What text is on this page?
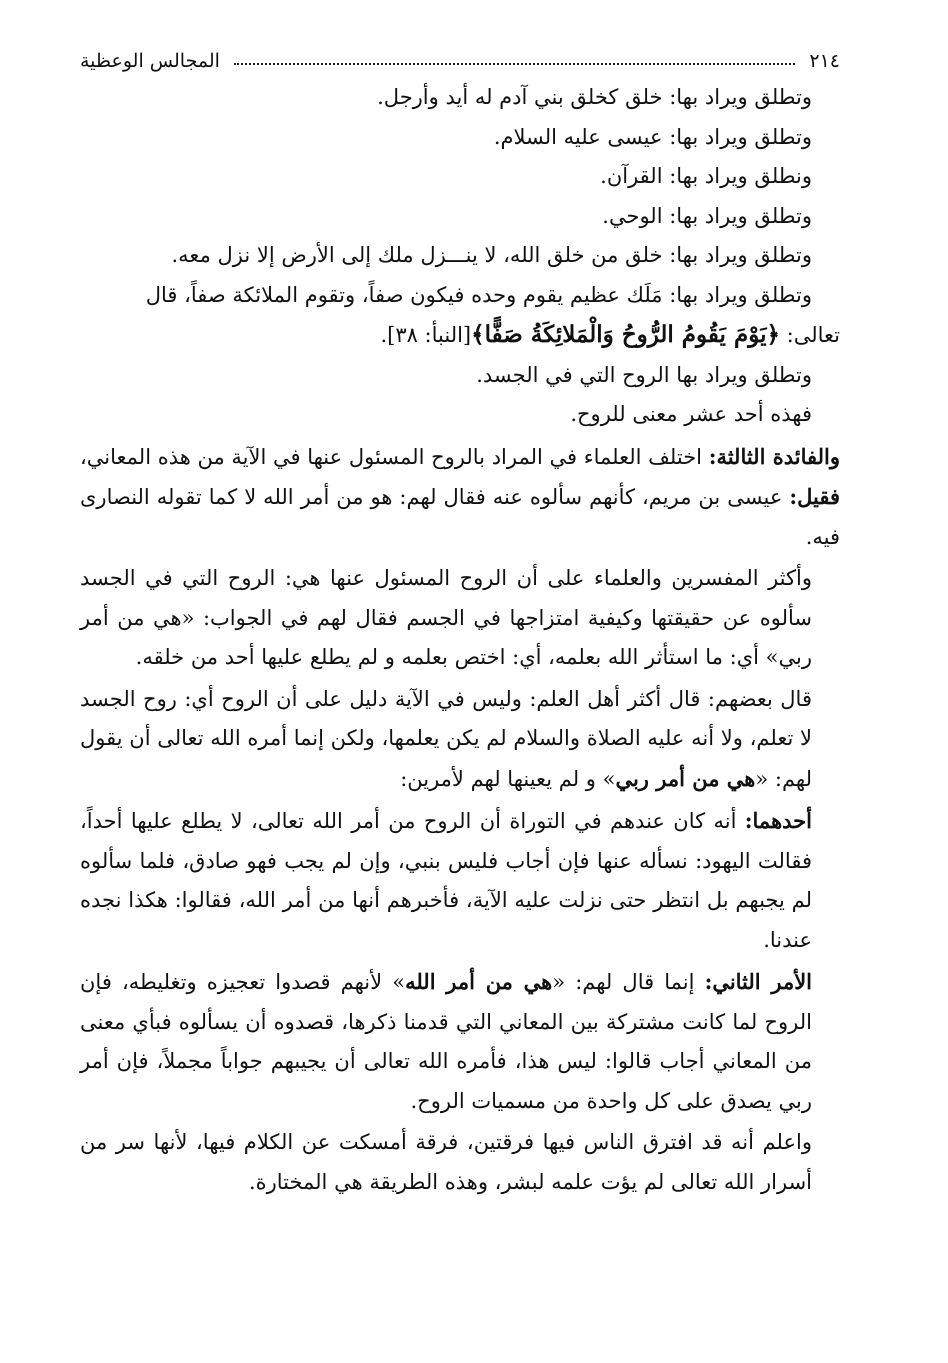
٢١٤
المجالس الوعظية

وتطلق ويراد بها: خلق كخلق بني آدم له أيد وأرجل.

وتطلق ويراد بها: عيسى عليه السلام.

ونطلق ويراد بها: القرآن.

وتطلق ويراد بها: الوحي.

وتطلق ويراد بها: خلق من خلق الله، لا ينـــزل ملك إلى الأرض إلا نزل معه.

وتطلق ويراد بها: مَلَك عظيم يقوم وحده فيكون صفاً، وتقوم الملائكة صفاً، قال
تعالى: ﴿يَوْمَ يَقُومُ الرُّوحُ وَالْمَلائِكَةُ صَفًّا﴾[النبأ: ٣٨].

وتطلق ويراد بها الروح التي في الجسد.

فهذه أحد عشر معنى للروح.

والفائدة الثالثة: اختلف العلماء في المراد بالروح المسئول عنها في الآية من هذه المعاني، فقيل: عيسى بن مريم، كأنهم سألوه عنه فقال لهم: هو من أمر الله لا كما تقوله النصارى فيه.

وأكثر المفسرين والعلماء على أن الروح المسئول عنها هي: الروح التي في الجسد سألوه عن حقيقتها وكيفية امتزاجها في الجسم فقال لهم في الجواب: «هي من أمر ربي» أي: ما استأثر الله بعلمه، أي: اختص بعلمه و لم يطلع عليها أحد من خلقه.

قال بعضهم: قال أكثر أهل العلم: وليس في الآية دليل على أن الروح أي: روح الجسد لا تعلم، ولا أنه عليه الصلاة والسلام لم يكن يعلمها، ولكن إنما أمره الله تعالى أن يقول لهم: «هي من أمر ربي» و لم يعينها لهم لأمرين:

أحدهما: أنه كان عندهم في التوراة أن الروح من أمر الله تعالى، لا يطلع عليها أحداً، فقالت اليهود: نسأله عنها فإن أجاب فليس بنبي، وإن لم يجب فهو صادق، فلما سألوه لم يجبهم بل انتظر حتى نزلت عليه الآية، فأخبرهم أنها من أمر الله، فقالوا: هكذا نجده عندنا.

الأمر الثاني: إنما قال لهم: «هي من أمر الله» لأنهم قصدوا تعجيزه وتغليطه، فإن الروح لما كانت مشتركة بين المعاني التي قدمنا ذكرها، قصدوه أن يسألوه فبأي معنى من المعاني أجاب قالوا: ليس هذا، فأمره الله تعالى أن يجيبهم جواباً مجملاً، فإن أمر ربي يصدق على كل واحدة من مسميات الروح.

واعلم أنه قد افترق الناس فيها فرقتين، فرقة أمسكت عن الكلام فيها، لأنها سر من أسرار الله تعالى لم يؤت علمه لبشر، وهذه الطريقة هي المختارة.
